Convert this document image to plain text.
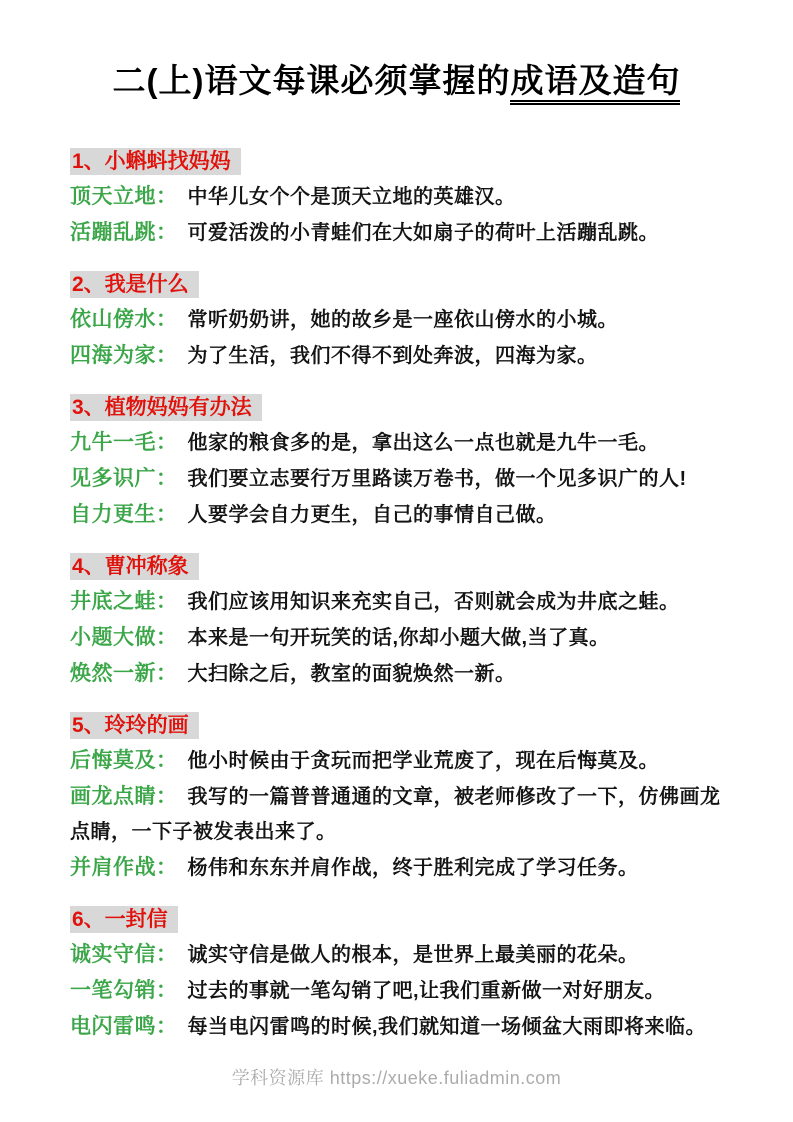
二(上)语文每课必须掌握的成语及造句
1、小蝌蚪找妈妈

顶天立地： 中华儿女个个是顶天立地的英雄汉。

活蹦乱跳： 可爱活泼的小青蛙们在大如扇子的荷叶上活蹦乱跳。

2、我是什么

依山傍水： 常听奶奶讲，她的故乡是一座依山傍水的小城。

四海为家： 为了生活，我们不得不到处奔波，四海为家。

3、植物妈妈有办法

九牛一毛： 他家的粮食多的是，拿出这么一点也就是九牛一毛。

见多识广： 我们要立志要行万里路读万卷书，做一个见多识广的人!

自力更生： 人要学会自力更生，自己的事情自己做。

4、曹冲称象

井底之蛙： 我们应该用知识来充实自己，否则就会成为井底之蛙。

小题大做： 本来是一句开玩笑的话,你却小题大做,当了真。

焕然一新： 大扫除之后，教室的面貌焕然一新。

5、玲玲的画

后悔莫及： 他小时候由于贪玩而把学业荒废了，现在后悔莫及。

画龙点睛： 我写的一篇普普通通的文章，被老师修改了一下，仿佛画龙点睛，一下子被发表出来了。

并肩作战： 杨伟和东东并肩作战，终于胜利完成了学习任务。

6、一封信

诚实守信： 诚实守信是做人的根本，是世界上最美丽的花朵。

一笔勾销： 过去的事就一笔勾销了吧,让我们重新做一对好朋友。

电闪雷鸣： 每当电闪雷鸣的时候,我们就知道一场倾盆大雨即将来临。

学科资源库 https://xueke.fuliadmin.com
